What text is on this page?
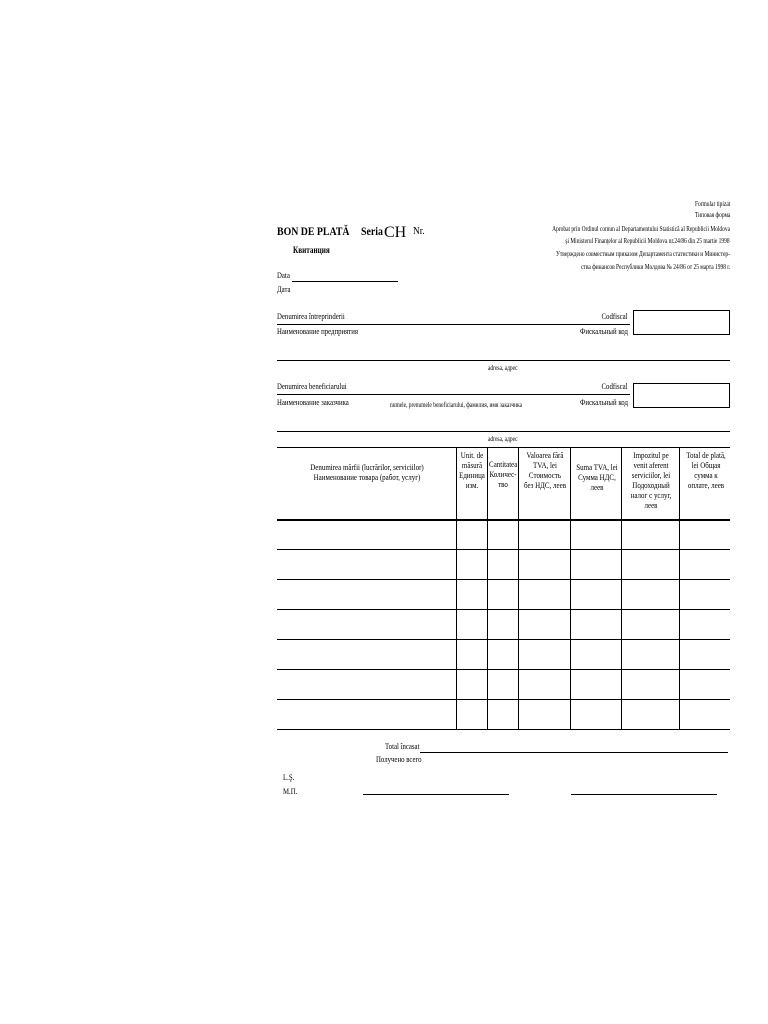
Formular tipizat
Типовая форма
Aprobat prin Ordinul comun al Departamentului Statistică al Republicii Moldova
şi Ministerul Finanţelor al Republicii Moldova nr.24/86 din 25 martie 1998
Утверждено совместным приказом Департамента статистики и Министер-
ства финансов Республики Молдова № 24/86 от 25 марта 1998 г.
BON DE PLATĂ Seria CH Nr.
Квитанция
Data
Дата
Denumirea întreprinderii
Наименование предприятия
Codfiscal
Фискальный код
adresa, адрес
Denumirea beneficiarului
Наименование заказчика	numele, prenumele beneficiarului, фамилия, имя заказчика
Codfiscal
Фискальный код
adresa, адрес
Denumirea mărfii (lucrărilor, serviciilor) Наименование товара (работ, услуг)
Unit. de măsură Единица изм.
Cantitatea Количес-тво
Valoarea fără TVA, lei Стоимость без НДС, леев
Suma TVA, lei Сумма НДС, леев
Impozitul pe venit aferent serviciilor, lei Подоходный налог с услуг, леев
Total de plată, lei Общая сумма к оплате, леев
Total încasat
Получено всего
L.Ş.
М.П.
